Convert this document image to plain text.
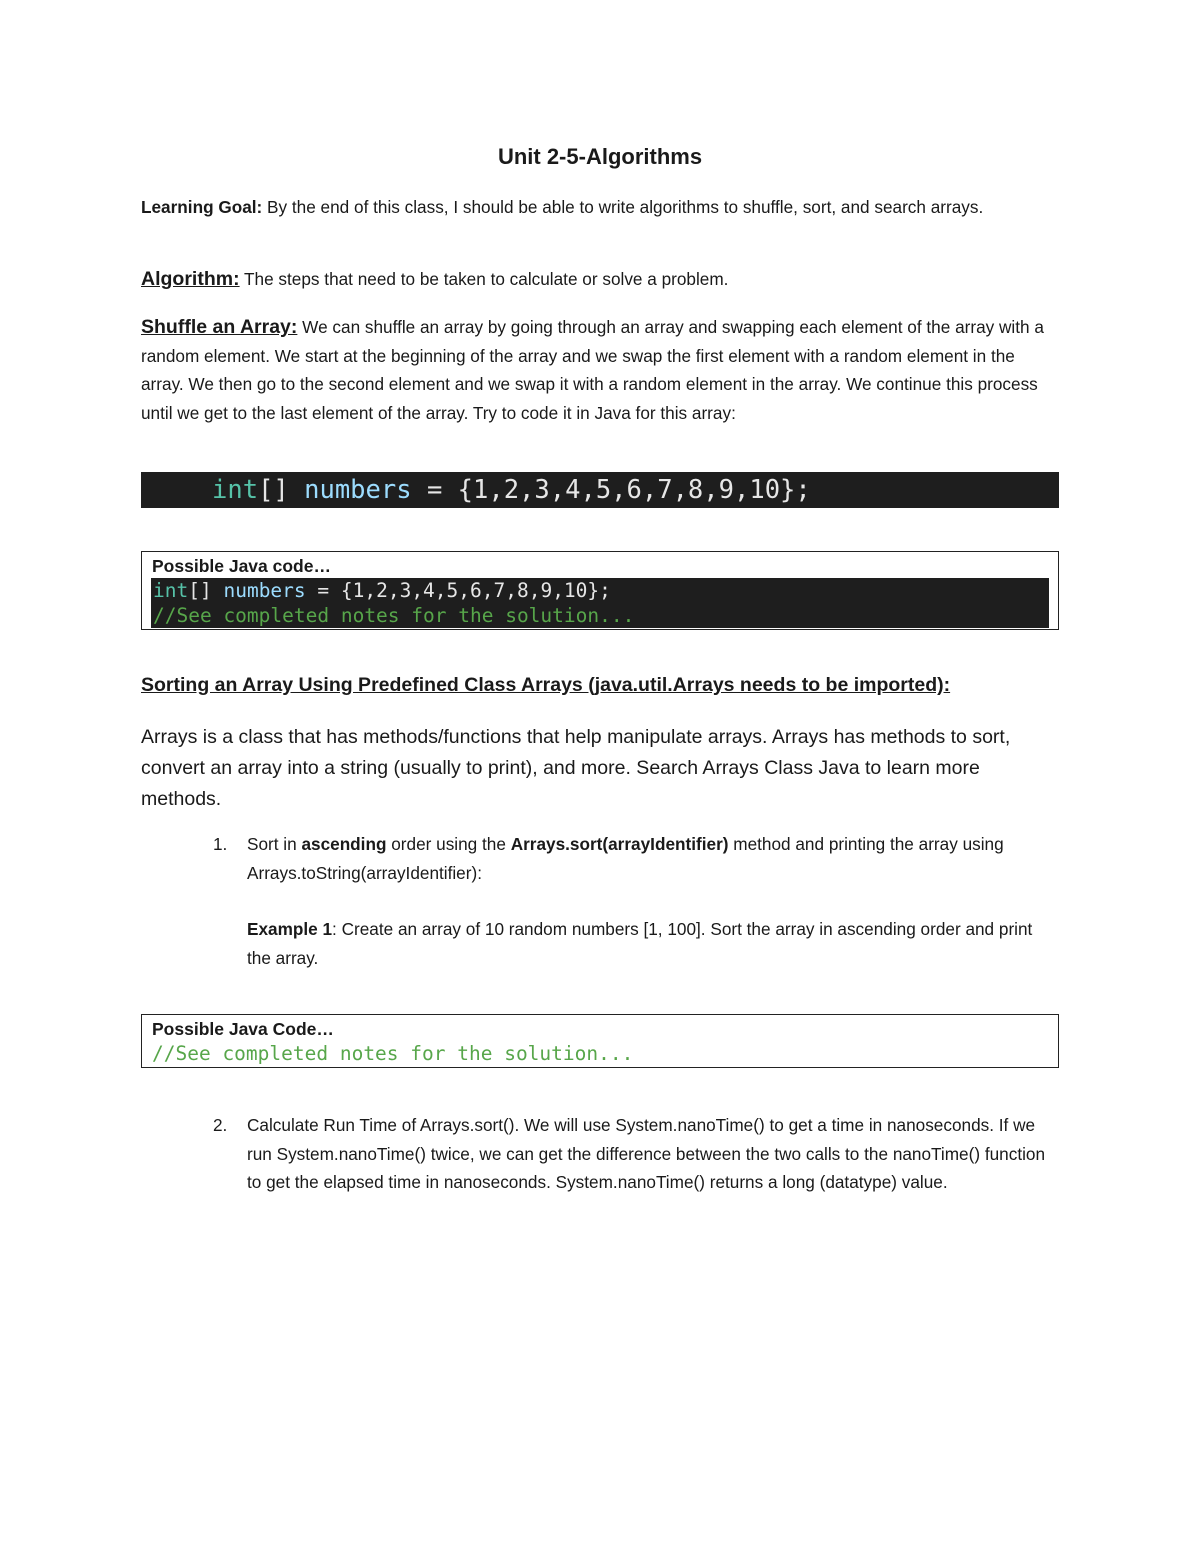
Unit 2-5-Algorithms
Learning Goal: By the end of this class, I should be able to write algorithms to shuffle, sort, and search arrays.
Algorithm: The steps that need to be taken to calculate or solve a problem.
Shuffle an Array: We can shuffle an array by going through an array and swapping each element of the array with a random element. We start at the beginning of the array and we swap the first element with a random element in the array. We then go to the second element and we swap it with a random element in the array. We continue this process until we get to the last element of the array. Try to code it in Java for this array:
int[] numbers = {1,2,3,4,5,6,7,8,9,10};
Possible Java code…
int[] numbers = {1,2,3,4,5,6,7,8,9,10};
//See completed notes for the solution...
Sorting an Array Using Predefined Class Arrays (java.util.Arrays needs to be imported):
Arrays is a class that has methods/functions that help manipulate arrays. Arrays has methods to sort, convert an array into a string (usually to print), and more. Search Arrays Class Java to learn more methods.
1. Sort in ascending order using the Arrays.sort(arrayIdentifier) method and printing the array using Arrays.toString(arrayIdentifier):
Example 1: Create an array of 10 random numbers [1, 100]. Sort the array in ascending order and print the array.
Possible Java Code…
//See completed notes for the solution...
2. Calculate Run Time of Arrays.sort(). We will use System.nanoTime() to get a time in nanoseconds. If we run System.nanoTime() twice, we can get the difference between the two calls to the nanoTime() function to get the elapsed time in nanoseconds. System.nanoTime() returns a long (datatype) value.
